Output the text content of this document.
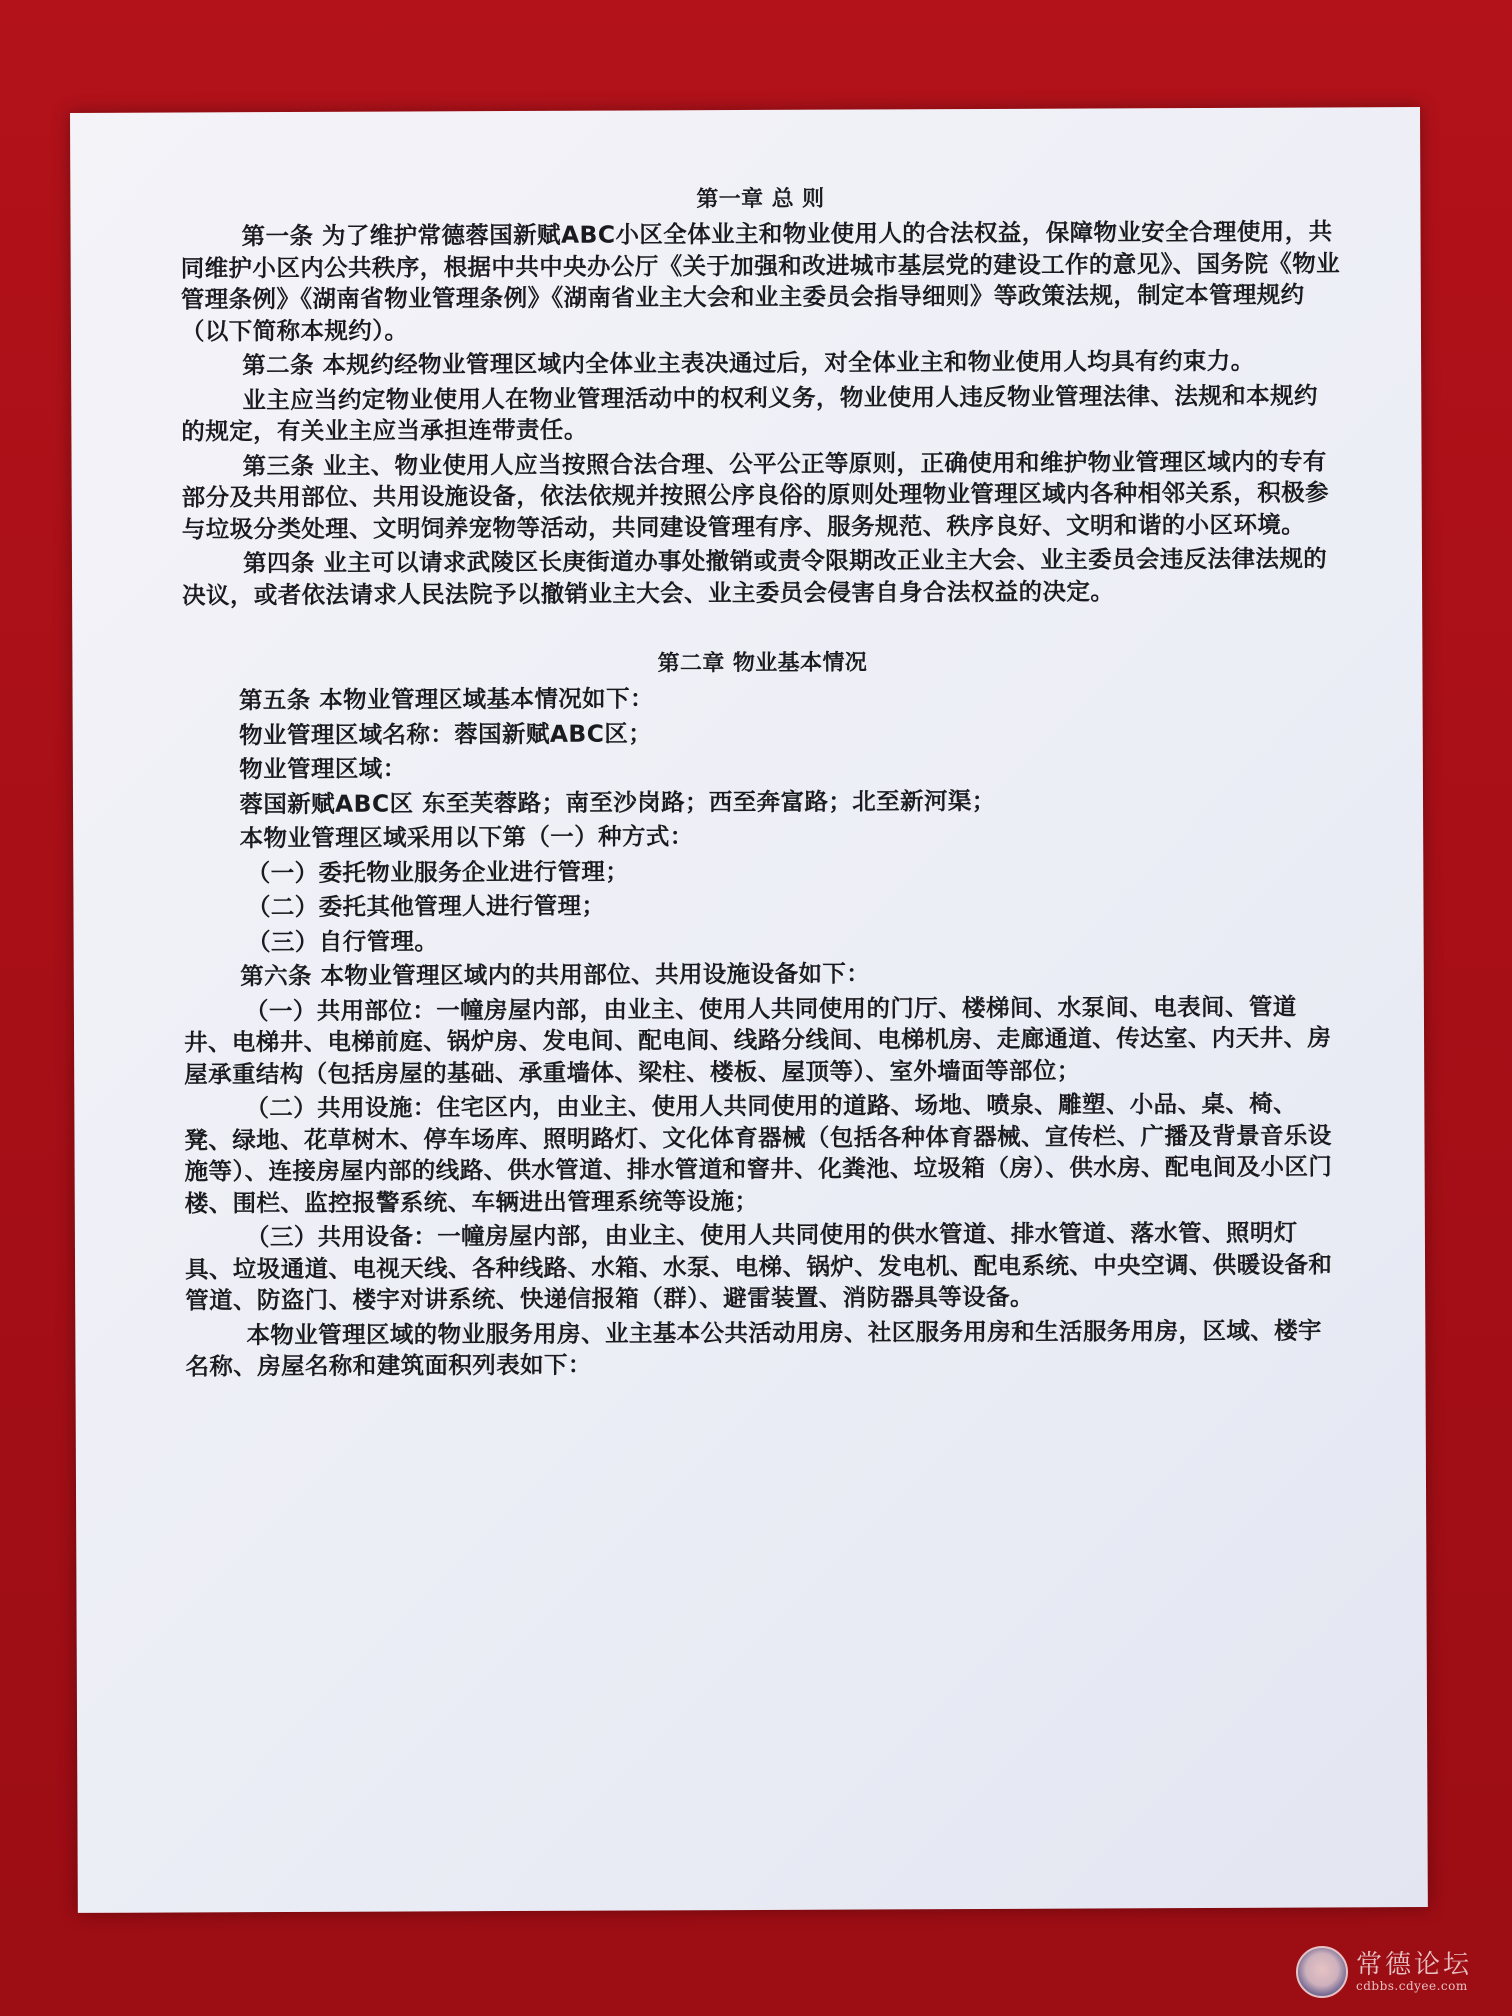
第一章 总 则

第一条 为了维护常德蓉国新赋ABC小区全体业主和物业使用人的合法权益，保障物业安全合理使用，共同维护小区内公共秩序，根据中共中央办公厅《关于加强和改进城市基层党的建设工作的意见》、国务院《物业管理条例》《湖南省物业管理条例》《湖南省业主大会和业主委员会指导细则》等政策法规，制定本管理规约（以下简称本规约）。

第二条 本规约经物业管理区域内全体业主表决通过后，对全体业主和物业使用人均具有约束力。

业主应当约定物业使用人在物业管理活动中的权利义务，物业使用人违反物业管理法律、法规和本规约的规定，有关业主应当承担连带责任。

第三条 业主、物业使用人应当按照合法合理、公平公正等原则，正确使用和维护物业管理区域内的专有部分及共用部位、共用设施设备，依法依规并按照公序良俗的原则处理物业管理区域内各种相邻关系，积极参与垃圾分类处理、文明饲养宠物等活动，共同建设管理有序、服务规范、秩序良好、文明和谐的小区环境。

第四条 业主可以请求武陵区长庚街道办事处撤销或责令限期改正业主大会、业主委员会违反法律法规的决议，或者依法请求人民法院予以撤销业主大会、业主委员会侵害自身合法权益的决定。

第二章 物业基本情况

第五条 本物业管理区域基本情况如下：

物业管理区域名称：蓉国新赋ABC区；

物业管理区域：

蓉国新赋ABC区 东至芙蓉路；南至沙岗路；西至奔富路；北至新河渠；

本物业管理区域采用以下第（一）种方式：

（一）委托物业服务企业进行管理；

（二）委托其他管理人进行管理；

（三）自行管理。

第六条 本物业管理区域内的共用部位、共用设施设备如下：

（一）共用部位：一幢房屋内部，由业主、使用人共同使用的门厅、楼梯间、水泵间、电表间、管道井、电梯井、电梯前庭、锅炉房、发电间、配电间、线路分线间、电梯机房、走廊通道、传达室、内天井、房屋承重结构（包括房屋的基础、承重墙体、梁柱、楼板、屋顶等）、室外墙面等部位；

（二）共用设施：住宅区内，由业主、使用人共同使用的道路、场地、喷泉、雕塑、小品、桌、椅、凳、绿地、花草树木、停车场库、照明路灯、文化体育器械（包括各种体育器械、宣传栏、广播及背景音乐设施等）、连接房屋内部的线路、供水管道、排水管道和窨井、化粪池、垃圾箱（房）、供水房、配电间及小区门楼、围栏、监控报警系统、车辆进出管理系统等设施；

（三）共用设备：一幢房屋内部，由业主、使用人共同使用的供水管道、排水管道、落水管、照明灯具、垃圾通道、电视天线、各种线路、水箱、水泵、电梯、锅炉、发电机、配电系统、中央空调、供暖设备和管道、防盗门、楼宇对讲系统、快递信报箱（群）、避雷装置、消防器具等设备。

本物业管理区域的物业服务用房、业主基本公共活动用房、社区服务用房和生活服务用房，区域、楼宇名称、房屋名称和建筑面积列表如下：

常德论坛
cdbbs.cdyee.com
